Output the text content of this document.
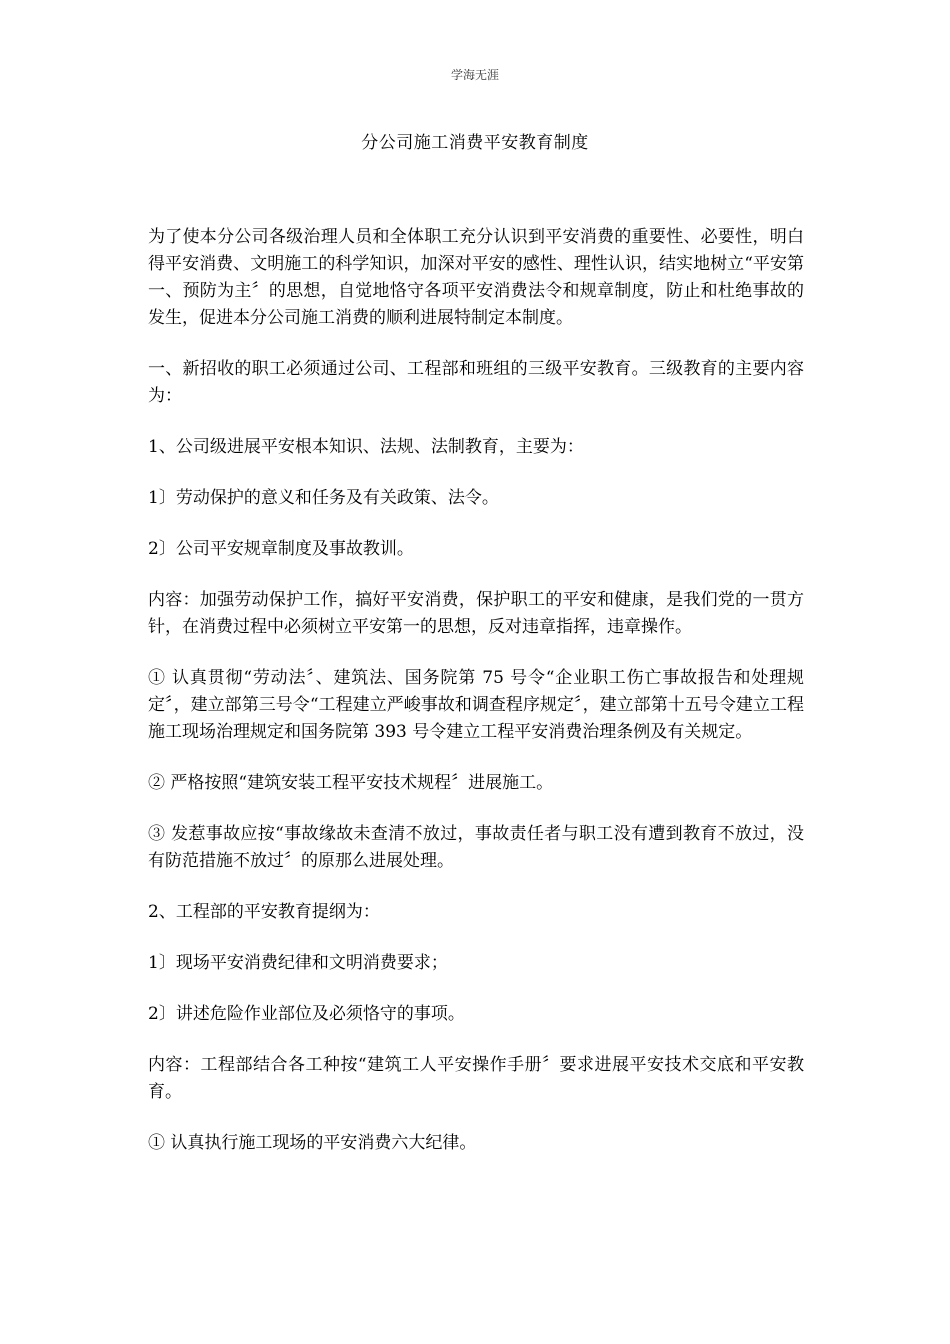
学海无涯
分公司施工消费平安教育制度

为了使本分公司各级治理人员和全体职工充分认识到平安消费的重要性、必要性，明白得平安消费、文明施工的科学知识，加深对平安的感性、理性认识，结实地树立“平安第一、预防为主〞的思想，自觉地恪守各项平安消费法令和规章制度，防止和杜绝事故的发生，促进本分公司施工消费的顺利进展特制定本制度。

一、新招收的职工必须通过公司、工程部和班组的三级平安教育。三级教育的主要内容为：

1、公司级进展平安根本知识、法规、法制教育，主要为：

1〕劳动保护的意义和任务及有关政策、法令。

2〕公司平安规章制度及事故教训。

内容：加强劳动保护工作，搞好平安消费，保护职工的平安和健康，是我们党的一贯方针，在消费过程中必须树立平安第一的思想，反对违章指挥，违章操作。

① 认真贯彻“劳动法〞、建筑法、国务院第 75 号令“企业职工伤亡事故报告和处理规定〞，建立部第三号令“工程建立严峻事故和调查程序规定〞，建立部第十五号令建立工程施工现场治理规定和国务院第 393 号令建立工程平安消费治理条例及有关规定。

② 严格按照“建筑安装工程平安技术规程〞进展施工。

③ 发惹事故应按“事故缘故未查清不放过，事故责任者与职工没有遭到教育不放过，没有防范措施不放过〞的原那么进展处理。

2、工程部的平安教育提纲为：

1〕现场平安消费纪律和文明消费要求；

2〕讲述危险作业部位及必须恪守的事项。

内容：工程部结合各工种按“建筑工人平安操作手册〞要求进展平安技术交底和平安教育。

① 认真执行施工现场的平安消费六大纪律。
